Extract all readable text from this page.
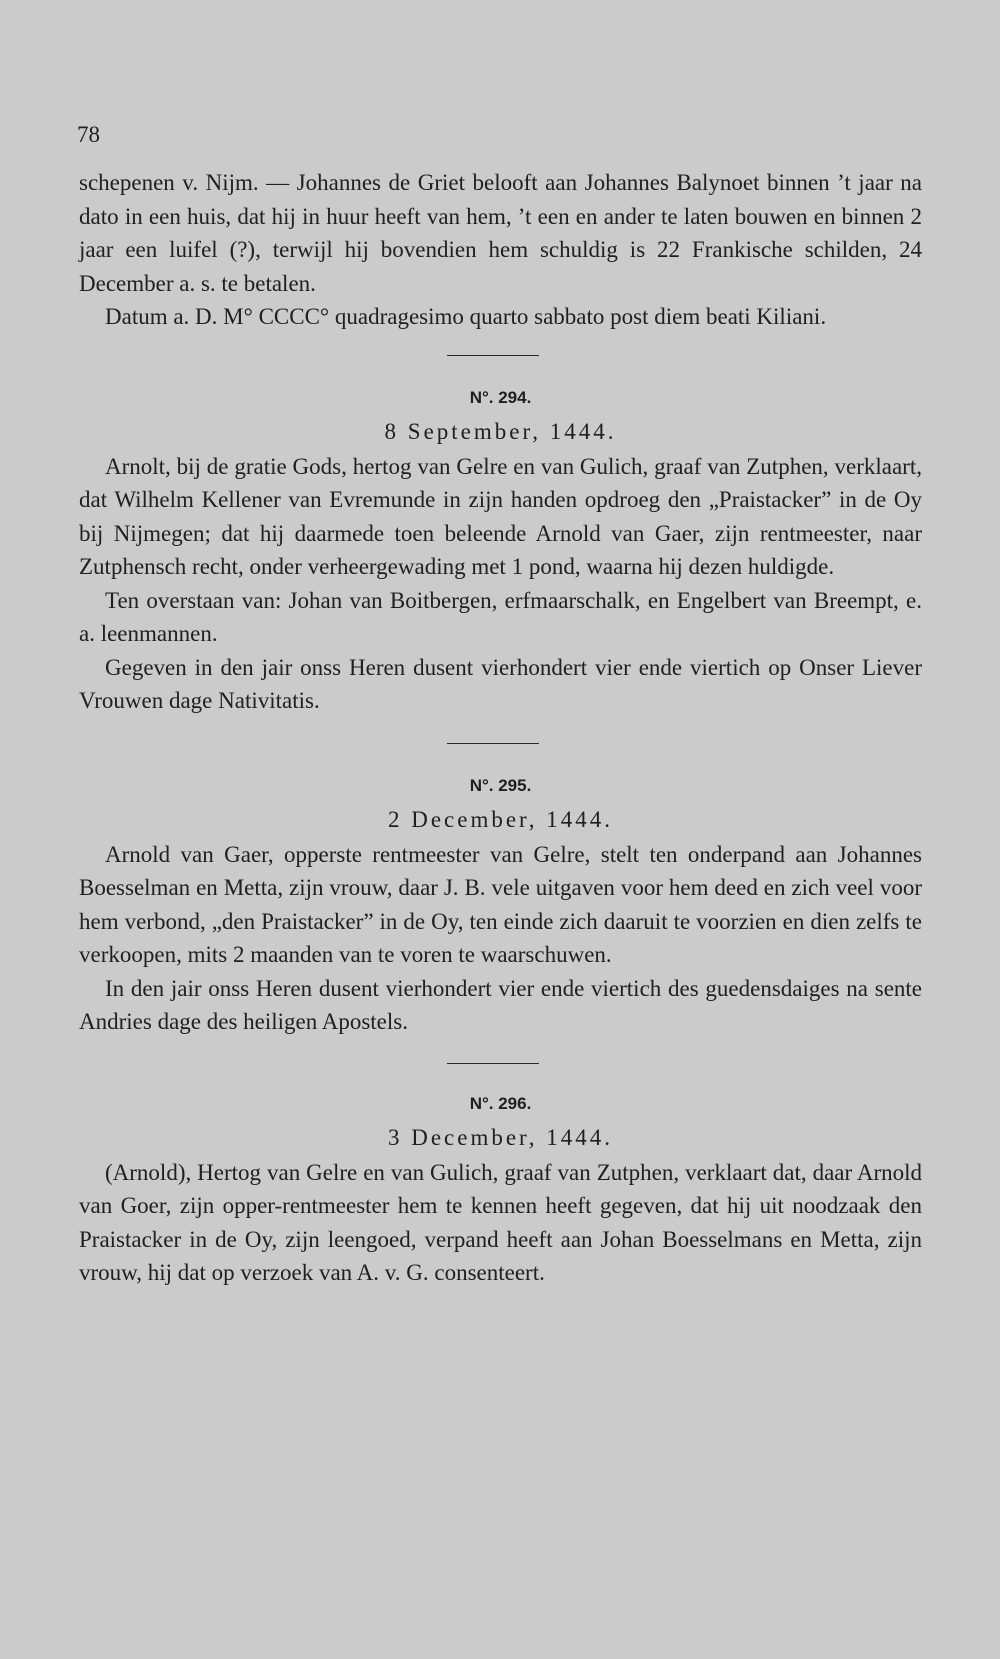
78

schepenen v. Nijm. — Johannes de Griet belooft aan Johannes Balynoet binnen ’t jaar na dato in een huis, dat hij in huur heeft van hem, ’t een en ander te laten bouwen en binnen 2 jaar een luifel (?), terwijl hij bovendien hem schuldig is 22 Frankische schilden, 24 December a. s. te betalen.

Datum a. D. M° CCCC° quadragesimo quarto sabbato post diem beati Kiliani.

N°. 294.
8 September, 1444.

Arnolt, bij de gratie Gods, hertog van Gelre en van Gulich, graaf van Zutphen, verklaart, dat Wilhelm Kellener van Evremunde in zijn handen opdroeg den „Praistacker” in de Oy bij Nijmegen; dat hij daarmede toen beleende Arnold van Gaer, zijn rentmeester, naar Zutphensch recht, onder verheergewading met 1 pond, waarna hij dezen huldigde.

Ten overstaan van: Johan van Boitbergen, erfmaarschalk, en Engelbert van Breempt, e. a. leenmannen.

Gegeven in den jair onss Heren dusent vierhondert vier ende viertich op Onser Liever Vrouwen dage Nativitatis.

N°. 295.
2 December, 1444.

Arnold van Gaer, opperste rentmeester van Gelre, stelt ten onderpand aan Johannes Boesselman en Metta, zijn vrouw, daar J. B. vele uitgaven voor hem deed en zich veel voor hem verbond, „den Praistacker” in de Oy, ten einde zich daaruit te voorzien en dien zelfs te verkoopen, mits 2 maanden van te voren te waarschuwen.

In den jair onss Heren dusent vierhondert vier ende viertich des guedensdaiges na sente Andries dage des heiligen Apostels.

N°. 296.
3 December, 1444.

(Arnold), Hertog van Gelre en van Gulich, graaf van Zutphen, verklaart dat, daar Arnold van Goer, zijn opper-rentmeester hem te kennen heeft gegeven, dat hij uit noodzaak den Praistacker in de Oy, zijn leengoed, verpand heeft aan Johan Boesselmans en Metta, zijn vrouw, hij dat op verzoek van A. v. G. consenteert.
